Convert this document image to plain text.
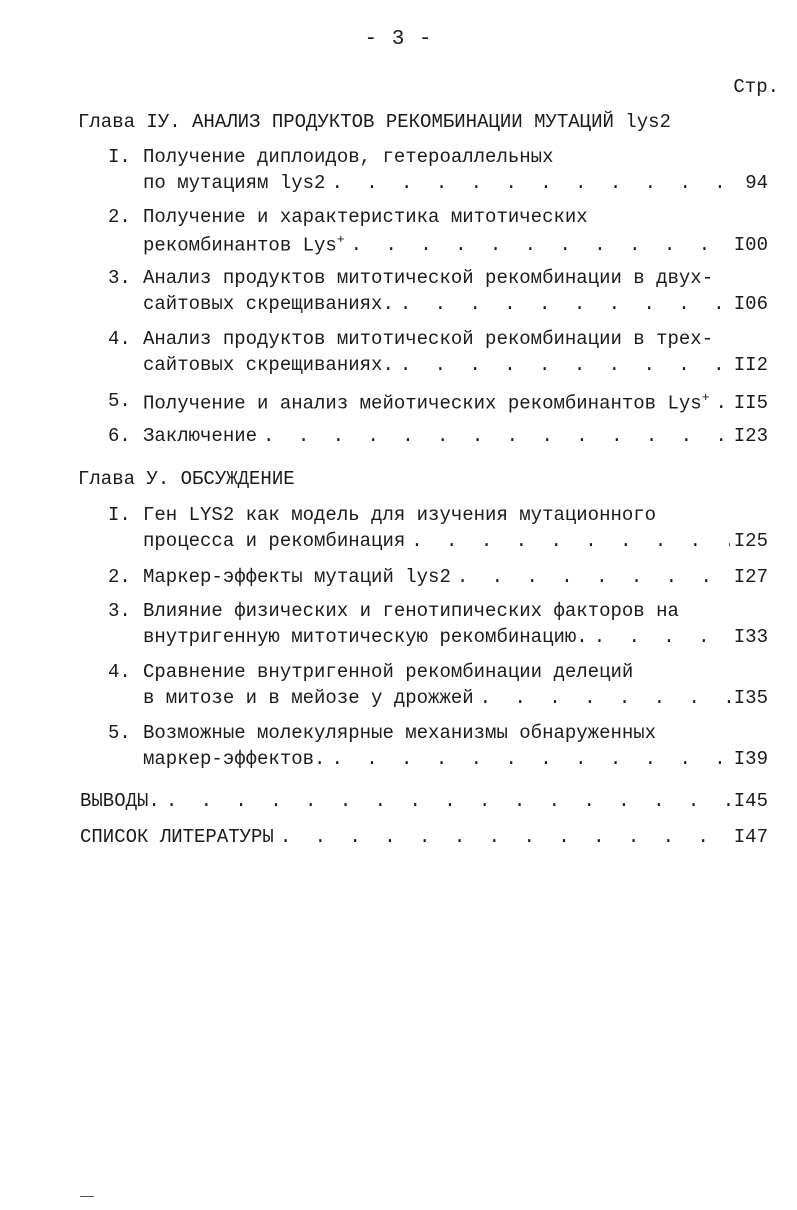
- 3 -
Стр.
Глава IУ. АНАЛИЗ ПРОДУКТОВ РЕКОМБИНАЦИИ МУТАЦИЙ lys2
I. Получение диплоидов, гетероаллельных
по мутациям lys2 . . .	94
2. Получение и характеристика митотических
рекомбинантов Lys+ . . .	I00
3. Анализ продуктов митотической рекомбинации в двух-
сайтовых скрещиваниях. . . .	I06
4. Анализ продуктов митотической рекомбинации в трех-
сайтовых скрещиваниях. . . .	II2
5. Получение и анализ мейотических рекомбинантов Lys+ . . . II5
6. Заключение . . .	I23
Глава У. ОБСУЖДЕНИЕ
I. Ген LYS2 как модель для изучения мутационного
процесса и рекомбинация . . .	I25
2. Маркер-эффекты мутаций lys2 . . .	I27
3. Влияние физических и генотипических факторов на
внутригенную митотическую рекомбинацию. . . .	I33
4. Сравнение внутригенной рекомбинации делеций
в митозе и в мейозе у дрожжей . . .	I35
5. Возможные молекулярные механизмы обнаруженных
маркер-эффектов. . . .	I39
ВЫВОДЫ. . . .	I45
СПИСОК ЛИТЕРАТУРЫ . . .	I47
